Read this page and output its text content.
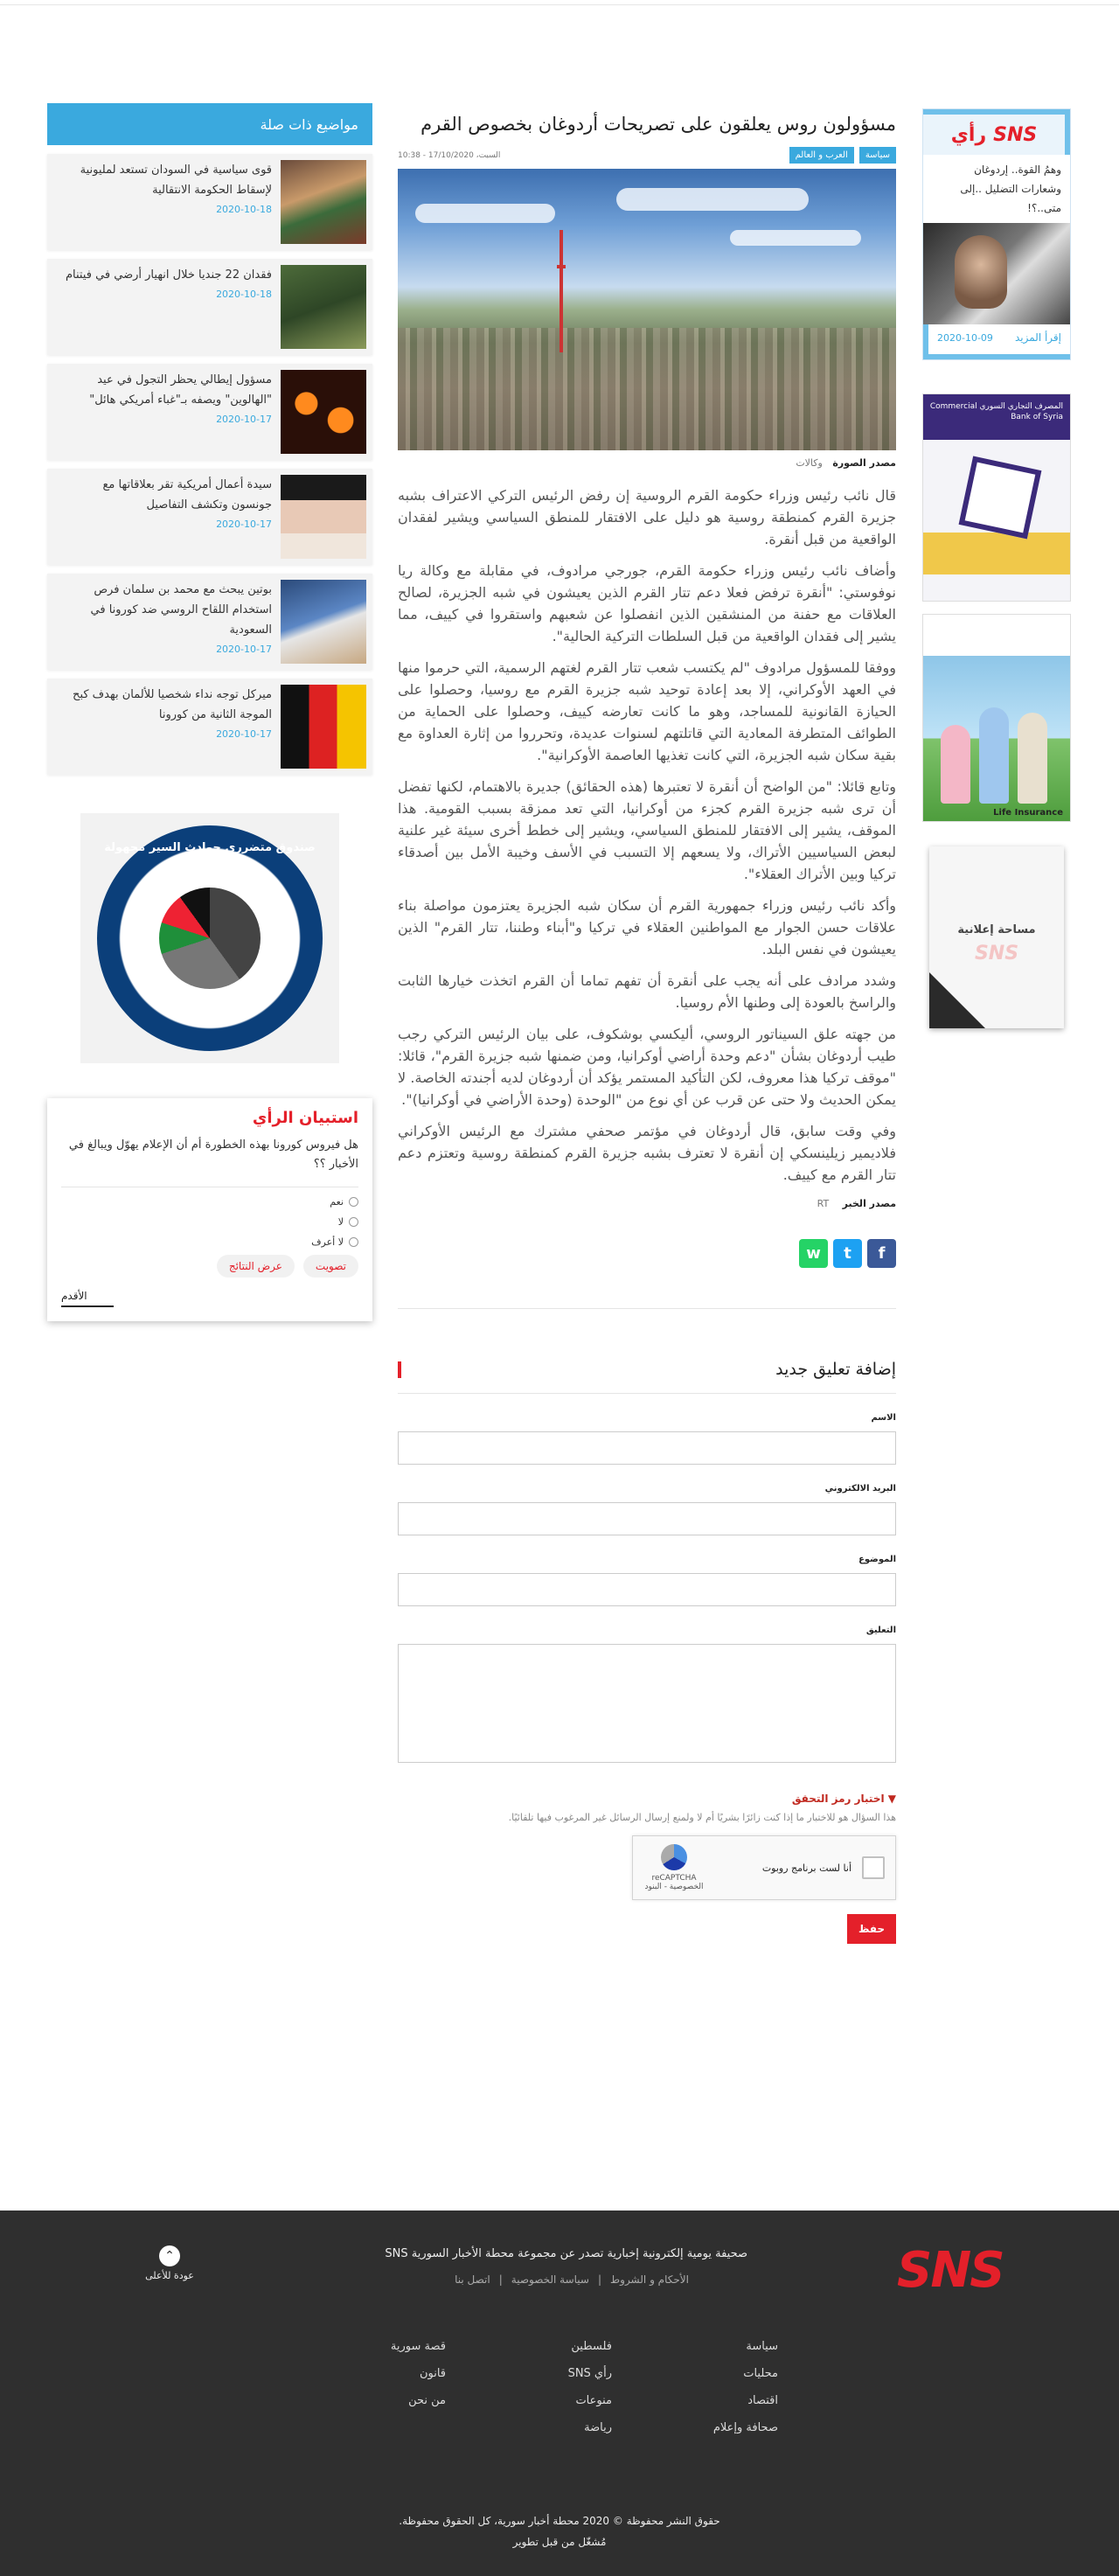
SNS
رأي
وهمُ القوة.. إردوغان وشعارات التضليل ..إلى متى..؟!
إقرأ المزيد
2020-10-09
المصرف التجاري السوري Commercial Bank of Syria
Life Insurance
مساحة إعلانية
SNS
مسؤولون روس يعلقون على تصريحات أردوغان بخصوص القرم
سياسة
العرب و العالم
السبت، 17/10/2020 - 10:38
مصدر الصورة وكالات

قال نائب رئيس وزراء حكومة القرم الروسية إن رفض الرئيس التركي الاعتراف بشبه جزيرة القرم كمنطقة روسية هو دليل على الافتقار للمنطق السياسي ويشير لفقدان الواقعية من قبل أنقرة.

وأضاف نائب رئيس وزراء حكومة القرم، جورجي مرادوف، في مقابلة مع وكالة ريا نوفوستي: "أنقرة ترفض فعلا دعم تتار القرم الذين يعيشون في شبه الجزيرة، لصالح العلاقات مع حفنة من المنشقين الذين انفصلوا عن شعبهم واستقروا في كييف، مما يشير إلى فقدان الواقعية من قبل السلطات التركية الحالية".

ووفقا للمسؤول مرادوف "لم يكتسب شعب تتار القرم لغتهم الرسمية، التي حرموا منها في العهد الأوكراني، إلا بعد إعادة توحيد شبه جزيرة القرم مع روسيا، وحصلوا على الحيازة القانونية للمساجد، وهو ما كانت تعارضه كييف، وحصلوا على الحماية من الطوائف المتطرفة المعادية التي قاتلتهم لسنوات عديدة، وتحرروا من إثارة العداوة مع بقية سكان شبه الجزيرة، التي كانت تغذيها العاصمة الأوكرانية".

وتابع قائلا: "من الواضح أن أنقرة لا تعتبرها (هذه الحقائق) جديرة بالاهتمام، لكنها تفضل أن ترى شبه جزيرة القرم كجزء من أوكرانيا، التي تعد ممزقة بسبب القومية. هذا الموقف، يشير إلى الافتقار للمنطق السياسي، ويشير إلى خطط أخرى سيئة غير علنية لبعض السياسيين الأتراك، ولا يسعهم إلا التسبب في الأسف وخيبة الأمل بين أصدقاء تركيا وبين الأتراك العقلاء".

وأكد نائب رئيس وزراء جمهورية القرم أن سكان شبه الجزيرة يعتزمون مواصلة بناء علاقات حسن الجوار مع المواطنين العقلاء في تركيا و"أبناء وطننا، تتار القرم" الذين يعيشون في نفس البلد.

وشدد مرادف على أنه يجب على أنقرة أن تفهم تماما أن القرم اتخذت خيارها الثابت والراسخ بالعودة إلى وطنها الأم روسيا.

من جهته علق السيناتور الروسي، أليكسي بوشكوف، على بيان الرئيس التركي رجب طيب أردوغان بشأن "دعم وحدة أراضي أوكرانيا، ومن ضمنها شبه جزيرة القرم"، قائلا: "موقف تركيا هذا معروف، لكن التأكيد المستمر يؤكد أن أردوغان لديه أجندته الخاصة. لا يمكن الحديث ولا حتى عن قرب عن أي نوع من "الوحدة (وحدة الأراضي في أوكرانيا)".

وفي وقت سابق، قال أردوغان في مؤتمر صحفي مشترك مع الرئيس الأوكراني فلاديمير زيلينسكي إن أنقرة لا تعترف بشبه جزيرة القرم كمنطقة روسية وتعتزم دعم تتار القرم مع كييف.

مصدر الخبر RT
f
t
w
إضافة تعليق جديد
الاسم
البريد الالكتروني
الموضوع
التعليق
▼ اختبار رمز التحقق
هذا السؤال هو للاختبار ما إذا كنت زائرًا بشريًا أم لا ولمنع إرسال الرسائل غير المرغوب فيها تلقائيًا.
أنا لست برنامج روبوت
reCAPTCHA
الخصوصية - البنود
حفظ
مواضيع ذات صلة
قوى سياسية في السودان تستعد لمليونية لإسقاط الحكومة الانتقالية
2020-10-18
فقدان 22 جنديا خلال انهيار أرضي في فيتنام
2020-10-18
مسؤول إيطالي يحظر التجول في عيد "الهالوين" ويصفه بـ"غباء أمريكي هائل"
2020-10-17
سيدة أعمال أمريكية تقر بعلاقاتها مع جونسون وتكشف التفاصيل
2020-10-17
بوتين يبحث مع محمد بن سلمان فرص استخدام اللقاح الروسي ضد كورونا في السعودية
2020-10-17
ميركل توجه نداء شخصيا للألمان بهدف كبح الموجة الثانية من كورونا
2020-10-17
صندوق متضرري حوادث السير مجهولة المسبب
استبيان الرأي
هل فيروس كورونا بهذه الخطورة أم أن الإعلام يهوّل ويبالغ في الأخبار ؟؟
نعم
لا
لا أعرف
تصويت
عرض النتائج
الأقدم
SNS
صحيفة يومية إلكترونية إخبارية تصدر عن مجموعة محطة الأخبار السورية SNS
الأحكام و الشروط
|
سياسة الخصوصية
|
اتصل بنا
⌃
عودة للأعلى
سياسة
محليات
اقتصاد
صحافة وإعلام
فلسطين
رأي SNS
منوعات
رياضة
قصة سورية
قانون
من نحن
حقوق النشر محفوظة © 2020 محطة أخبار سورية، كل الحقوق محفوظة.
مُشغّل من قبل تطوير
